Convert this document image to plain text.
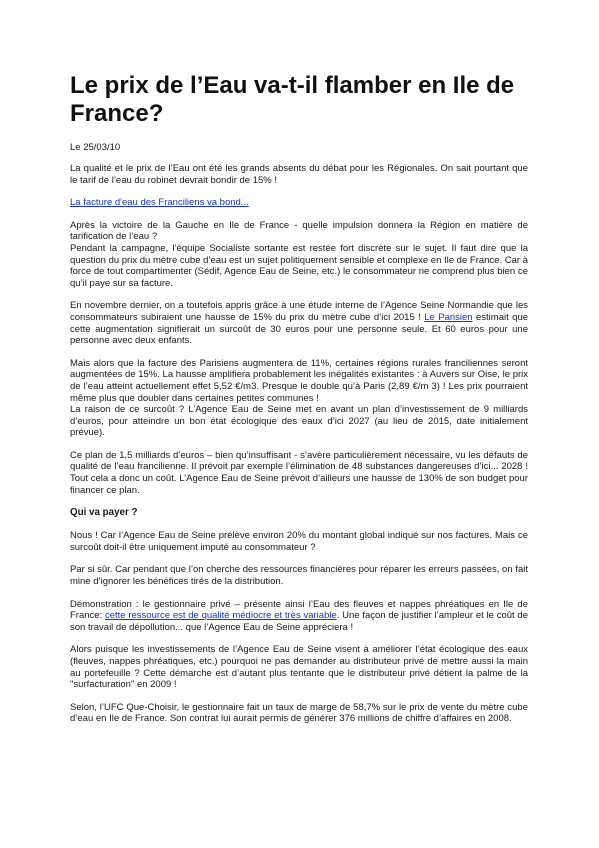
Le prix de l’Eau va-t-il flamber en Ile de France?
Le 25/03/10

La qualité et le prix de l’Eau ont été les grands absents du débat pour les Régionales. On sait pourtant que le tarif de l’eau du robinet devrait bondir de 15% !

La facture d'eau des Franciliens va bond...

Après la victoire de la Gauche en Ile de France - quelle impulsion donnera la Région en matière de tarification de l’eau ?

Pendant la campagne, l’équipe Socialiste sortante est restée fort discrète sur le sujet. Il faut dire que la question du prix du mètre cube d’eau est un sujet politiquement sensible et complexe en Ile de France. Car à force de tout compartimenter (Sédif, Agence Eau de Seine, etc.) le consommateur ne comprend plus bien ce qu’il paye sur sa facture.

En novembre dernier, on a toutefois appris grâce à une étude interne de l’Agence Seine Normandie que les consommateurs subiraient une hausse de 15% du prix du mètre cube d’ici 2015 ! Le Parisien estimait que cette augmentation signifierait un surcoût de 30 euros pour une personne seule. Et 60 euros pour une personne avec deux enfants.

Mais alors que la facture des Parisiens augmentera de 11%, certaines régions rurales franciliennes seront augmentées de 15%. La hausse amplifiera probablement les inégalités existantes : à Auvers sur Oise, le prix de l’eau atteint actuellement effet 5,52 €/m3. Presque le double qu’à Paris (2,89 €/m 3) ! Les prix pourraient même plus que doubler dans certaines petites communes !

La raison de ce surcoût ? L’Agence Eau de Seine met en avant un plan d’investissement de 9 milliards d’euros, pour atteindre un bon état écologique des eaux d’ici 2027 (au lieu de 2015, date initialement prévue).

Ce plan de 1,5 milliards d’euros – bien qu’insuffisant - s’avère particulièrement nécessaire, vu les défauts de qualité de l’eau francilienne. Il prévoit par exemple l’élimination de 48 substances dangereuses d’ici... 2028 ! Tout cela a donc un coût. L’Agence Eau de Seine prévoit d’ailleurs une hausse de 130% de son budget pour financer ce plan.

Qui va payer ?

Nous ! Car l’Agence Eau de Seine prélève environ 20% du montant global indiqué sur nos factures. Mais ce surcoût doit-il être uniquement imputé au consommateur ?

Par si sûr. Car pendant que l’on cherche des ressources financières pour réparer les erreurs passées, on fait mine d’ignorer les bénéfices tirés de la distribution.

Démonstration : le gestionnaire privé – présente ainsi l’Eau des fleuves et nappes phréatiques en Ile de France: cette ressource est de qualité médiocre et très variable. Une façon de justifier l’ampleur et le coût de son travail de dépollution... que l’Agence Eau de Seine appréciera !

Alors puisque les investissements de l’Agence Eau de Seine visent à améliorer l’état écologique des eaux (fleuves, nappes phréatiques, etc.) pourquoi ne pas demander au distributeur privé de mettre aussi la main au portefeuille ? Cette démarche est d’autant plus tentante que le distributeur privé détient la palme de la "surfacturation" en 2009 !

Selon, l’UFC Que-Choisir, le gestionnaire fait un taux de marge de 58,7% sur le prix de vente du mètre cube d’eau en Ile de France. Son contrat lui aurait permis de générer 376 millions de chiffre d’affaires en 2008.
